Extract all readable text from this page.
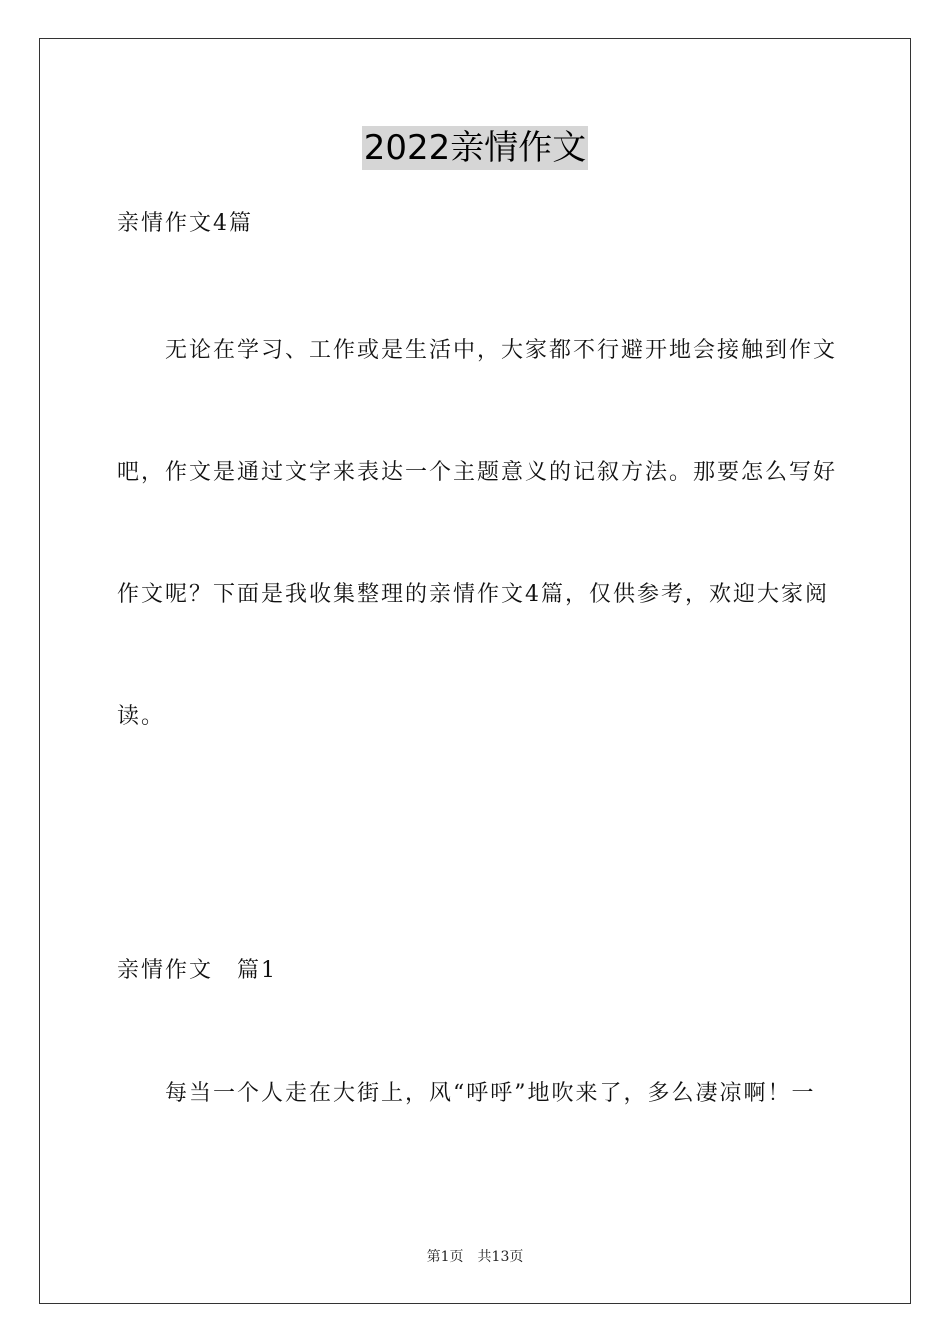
2022亲情作文
亲情作文4篇
　　无论在学习、工作或是生活中，大家都不行避开地会接触到作文
吧，作文是通过文字来表达一个主题意义的记叙方法。那要怎么写好
作文呢？下面是我收集整理的亲情作文4篇，仅供参考，欢迎大家阅
读。
亲情作文　篇1
　　每当一个人走在大街上，风“呼呼”地吹来了，多么凄凉啊！一
第1页　共13页
